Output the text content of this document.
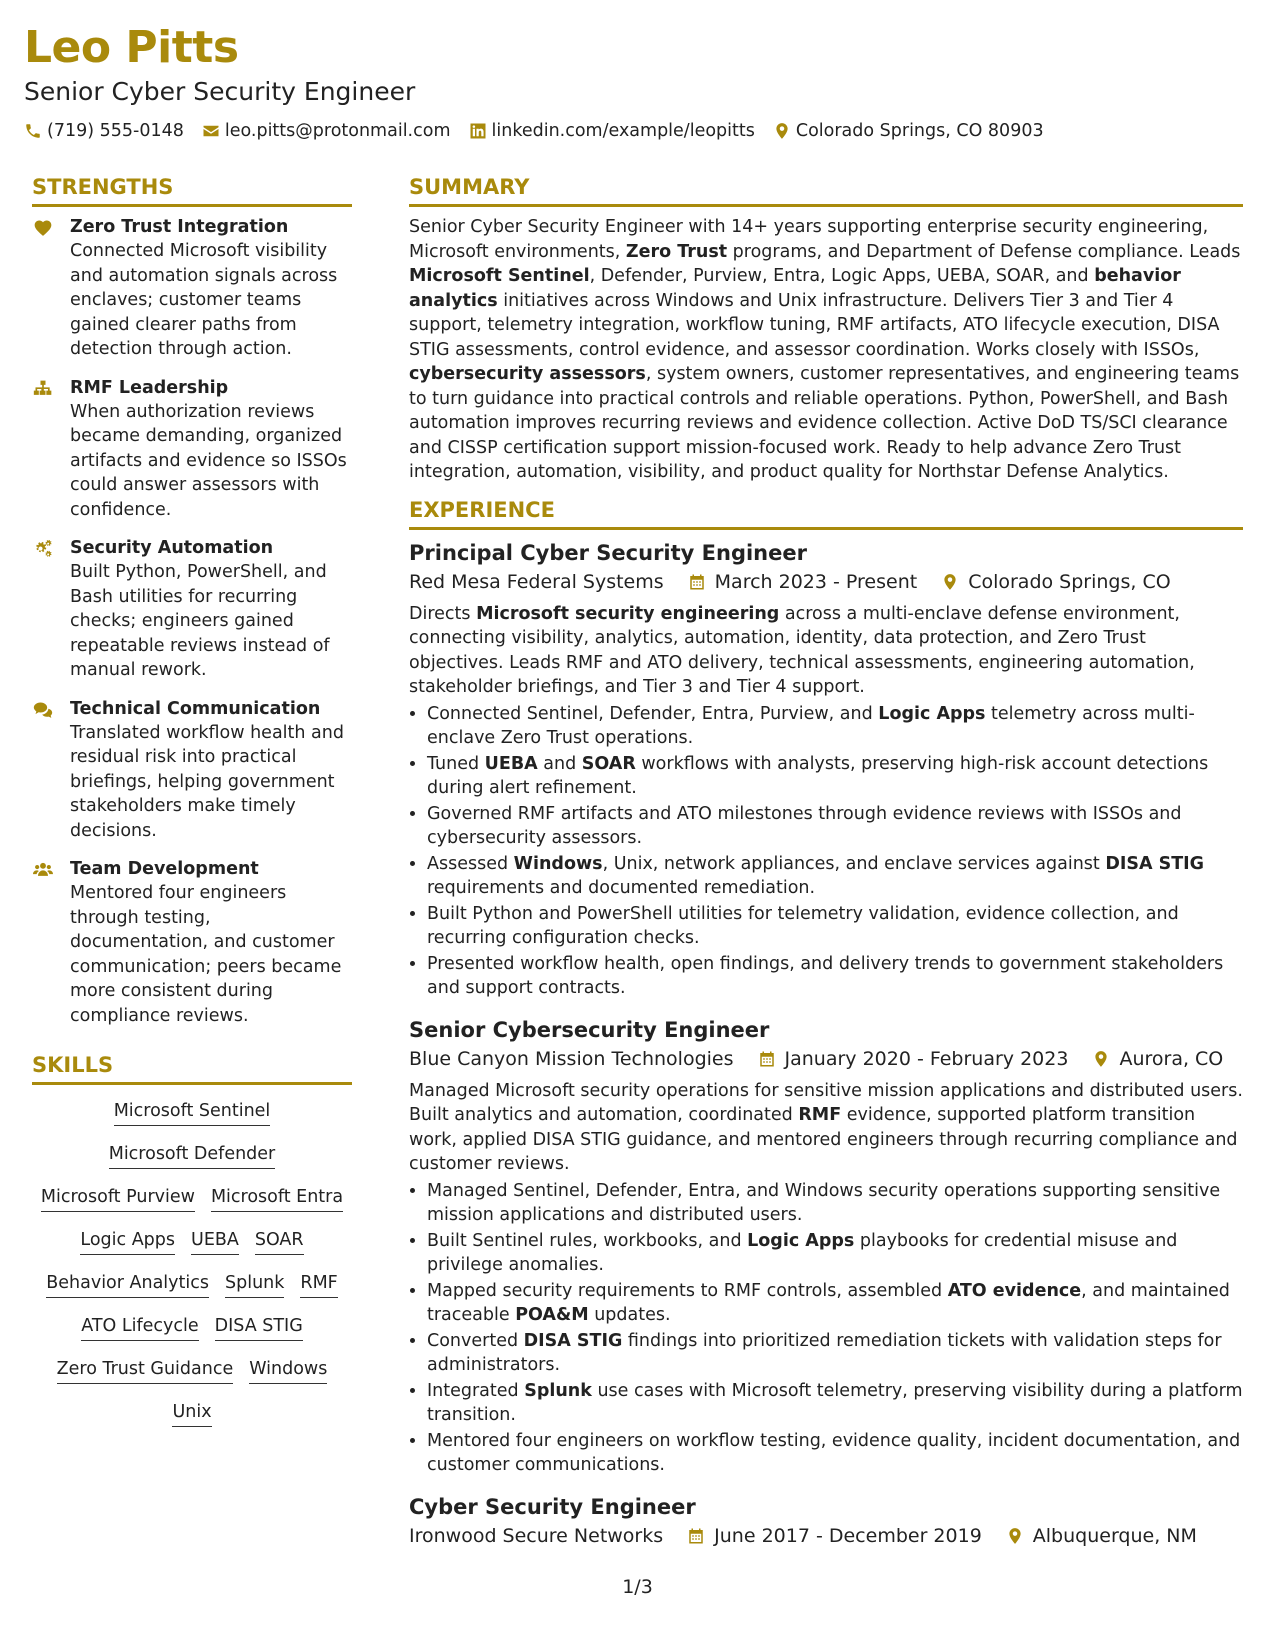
Leo Pitts
Senior Cyber Security Engineer
(719) 555-0148 leo.pitts@protonmail.com linkedin.com/example/leopitts Colorado Springs, CO 80903
STRENGTHS
Zero Trust Integration
Connected Microsoft visibility and automation signals across enclaves; customer teams gained clearer paths from detection through action.
RMF Leadership
When authorization reviews became demanding, organized artifacts and evidence so ISSOs could answer assessors with confidence.
Security Automation
Built Python, PowerShell, and Bash utilities for recurring checks; engineers gained repeatable reviews instead of manual rework.
Technical Communication
Translated workflow health and residual risk into practical briefings, helping government stakeholders make timely decisions.
Team Development
Mentored four engineers through testing, documentation, and customer communication; peers became more consistent during compliance reviews.
SKILLS
Microsoft Sentinel
Microsoft Defender
Microsoft Purview Microsoft Entra
Logic Apps UEBA SOAR
Behavior Analytics Splunk RMF
ATO Lifecycle DISA STIG
Zero Trust Guidance Windows
Unix
SUMMARY
Senior Cyber Security Engineer with 14+ years supporting enterprise security engineering, Microsoft environments, Zero Trust programs, and Department of Defense compliance. Leads Microsoft Sentinel, Defender, Purview, Entra, Logic Apps, UEBA, SOAR, and behavior analytics initiatives across Windows and Unix infrastructure. Delivers Tier 3 and Tier 4 support, telemetry integration, workflow tuning, RMF artifacts, ATO lifecycle execution, DISA STIG assessments, control evidence, and assessor coordination. Works closely with ISSOs, cybersecurity assessors, system owners, customer representatives, and engineering teams to turn guidance into practical controls and reliable operations. Python, PowerShell, and Bash automation improves recurring reviews and evidence collection. Active DoD TS/SCI clearance and CISSP certification support mission-focused work. Ready to help advance Zero Trust integration, automation, visibility, and product quality for Northstar Defense Analytics.
EXPERIENCE
Principal Cyber Security Engineer
Red Mesa Federal Systems	March 2023 - Present	Colorado Springs, CO
Directs Microsoft security engineering across a multi-enclave defense environment, connecting visibility, analytics, automation, identity, data protection, and Zero Trust objectives. Leads RMF and ATO delivery, technical assessments, engineering automation, stakeholder briefings, and Tier 3 and Tier 4 support.
• Connected Sentinel, Defender, Entra, Purview, and Logic Apps telemetry across multi-enclave Zero Trust operations.
• Tuned UEBA and SOAR workflows with analysts, preserving high-risk account detections during alert refinement.
• Governed RMF artifacts and ATO milestones through evidence reviews with ISSOs and cybersecurity assessors.
• Assessed Windows, Unix, network appliances, and enclave services against DISA STIG requirements and documented remediation.
• Built Python and PowerShell utilities for telemetry validation, evidence collection, and recurring configuration checks.
• Presented workflow health, open findings, and delivery trends to government stakeholders and support contracts.
Senior Cybersecurity Engineer
Blue Canyon Mission Technologies	January 2020 - February 2023	Aurora, CO
Managed Microsoft security operations for sensitive mission applications and distributed users. Built analytics and automation, coordinated RMF evidence, supported platform transition work, applied DISA STIG guidance, and mentored engineers through recurring compliance and customer reviews.
• Managed Sentinel, Defender, Entra, and Windows security operations supporting sensitive mission applications and distributed users.
• Built Sentinel rules, workbooks, and Logic Apps playbooks for credential misuse and privilege anomalies.
• Mapped security requirements to RMF controls, assembled ATO evidence, and maintained traceable POA&M updates.
• Converted DISA STIG findings into prioritized remediation tickets with validation steps for administrators.
• Integrated Splunk use cases with Microsoft telemetry, preserving visibility during a platform transition.
• Mentored four engineers on workflow testing, evidence quality, incident documentation, and customer communications.
Cyber Security Engineer
Ironwood Secure Networks	June 2017 - December 2019	Albuquerque, NM
1/3
